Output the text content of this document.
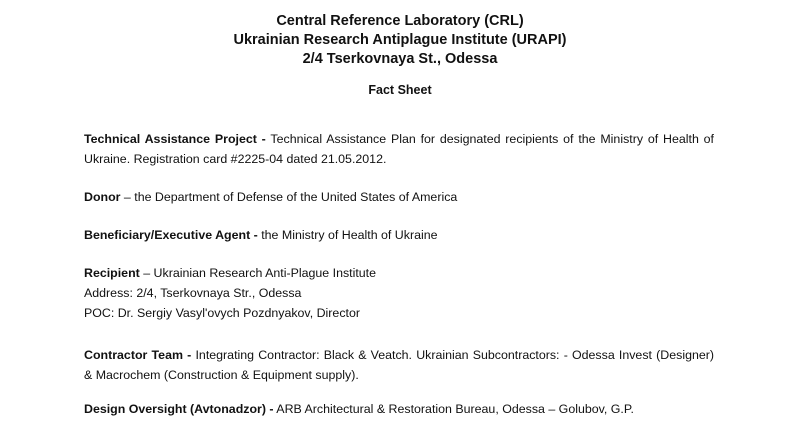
Central Reference Laboratory (CRL)
Ukrainian Research Antiplague Institute (URAPI)
2/4 Tserkovnaya St., Odessa
Fact Sheet
Technical Assistance Project - Technical Assistance Plan for designated recipients of the Ministry of Health of Ukraine. Registration card #2225-04 dated 21.05.2012.
Donor – the Department of Defense of the United States of America
Beneficiary/Executive Agent - the Ministry of Health of Ukraine
Recipient – Ukrainian Research Anti-Plague Institute
Address: 2/4, Tserkovnaya Str., Odessa
POC: Dr. Sergiy Vasyl'ovych Pozdnyakov, Director
Contractor Team - Integrating Contractor: Black & Veatch. Ukrainian Subcontractors: - Odessa Invest (Designer) & Macrochem (Construction & Equipment supply).
Design Oversight (Avtonadzor) - ARB Architectural & Restoration Bureau, Odessa – Golubov, G.P.
